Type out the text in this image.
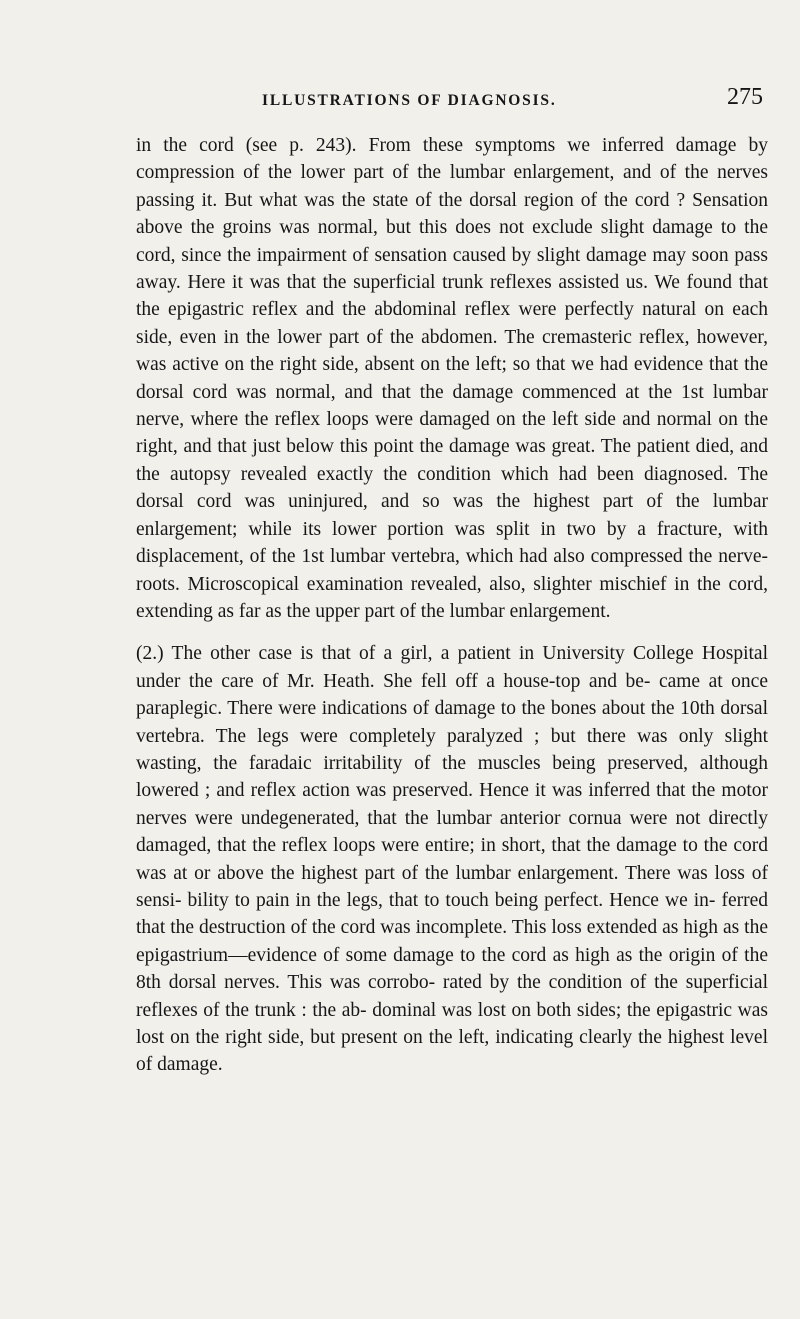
ILLUSTRATIONS OF DIAGNOSIS.	275

in the cord (see p. 243). From these symptoms we inferred damage by compression of the lower part of the lumbar enlargement, and of the nerves passing it. But what was the state of the dorsal region of the cord ? Sensation above the groins was normal, but this does not exclude slight damage to the cord, since the impairment of sensation caused by slight damage may soon pass away. Here it was that the superficial trunk reflexes assisted us. We found that the epigastric reflex and the abdominal reflex were perfectly natural on each side, even in the lower part of the abdomen. The cremasteric reflex, however, was active on the right side, absent on the left; so that we had evidence that the dorsal cord was normal, and that the damage commenced at the 1st lumbar nerve, where the reflex loops were damaged on the left side and normal on the right, and that just below this point the damage was great. The patient died, and the autopsy revealed exactly the condition which had been diagnosed. The dorsal cord was uninjured, and so was the highest part of the lumbar enlargement; while its lower portion was split in two by a fracture, with displacement, of the 1st lumbar vertebra, which had also compressed the nerve-roots. Microscopical examination revealed, also, slighter mischief in the cord, extending as far as the upper part of the lumbar enlargement.

(2.) The other case is that of a girl, a patient in University College Hospital under the care of Mr. Heath. She fell off a house-top and be- came at once paraplegic. There were indications of damage to the bones about the 10th dorsal vertebra. The legs were completely paralyzed ; but there was only slight wasting, the faradaic irritability of the muscles being preserved, although lowered ; and reflex action was preserved. Hence it was inferred that the motor nerves were undegenerated, that the lumbar anterior cornua were not directly damaged, that the reflex loops were entire; in short, that the damage to the cord was at or above the highest part of the lumbar enlargement. There was loss of sensi- bility to pain in the legs, that to touch being perfect. Hence we in- ferred that the destruction of the cord was incomplete. This loss extended as high as the epigastrium—evidence of some damage to the cord as high as the origin of the 8th dorsal nerves. This was corrobo- rated by the condition of the superficial reflexes of the trunk : the ab- dominal was lost on both sides; the epigastric was lost on the right side, but present on the left, indicating clearly the highest level of damage.
